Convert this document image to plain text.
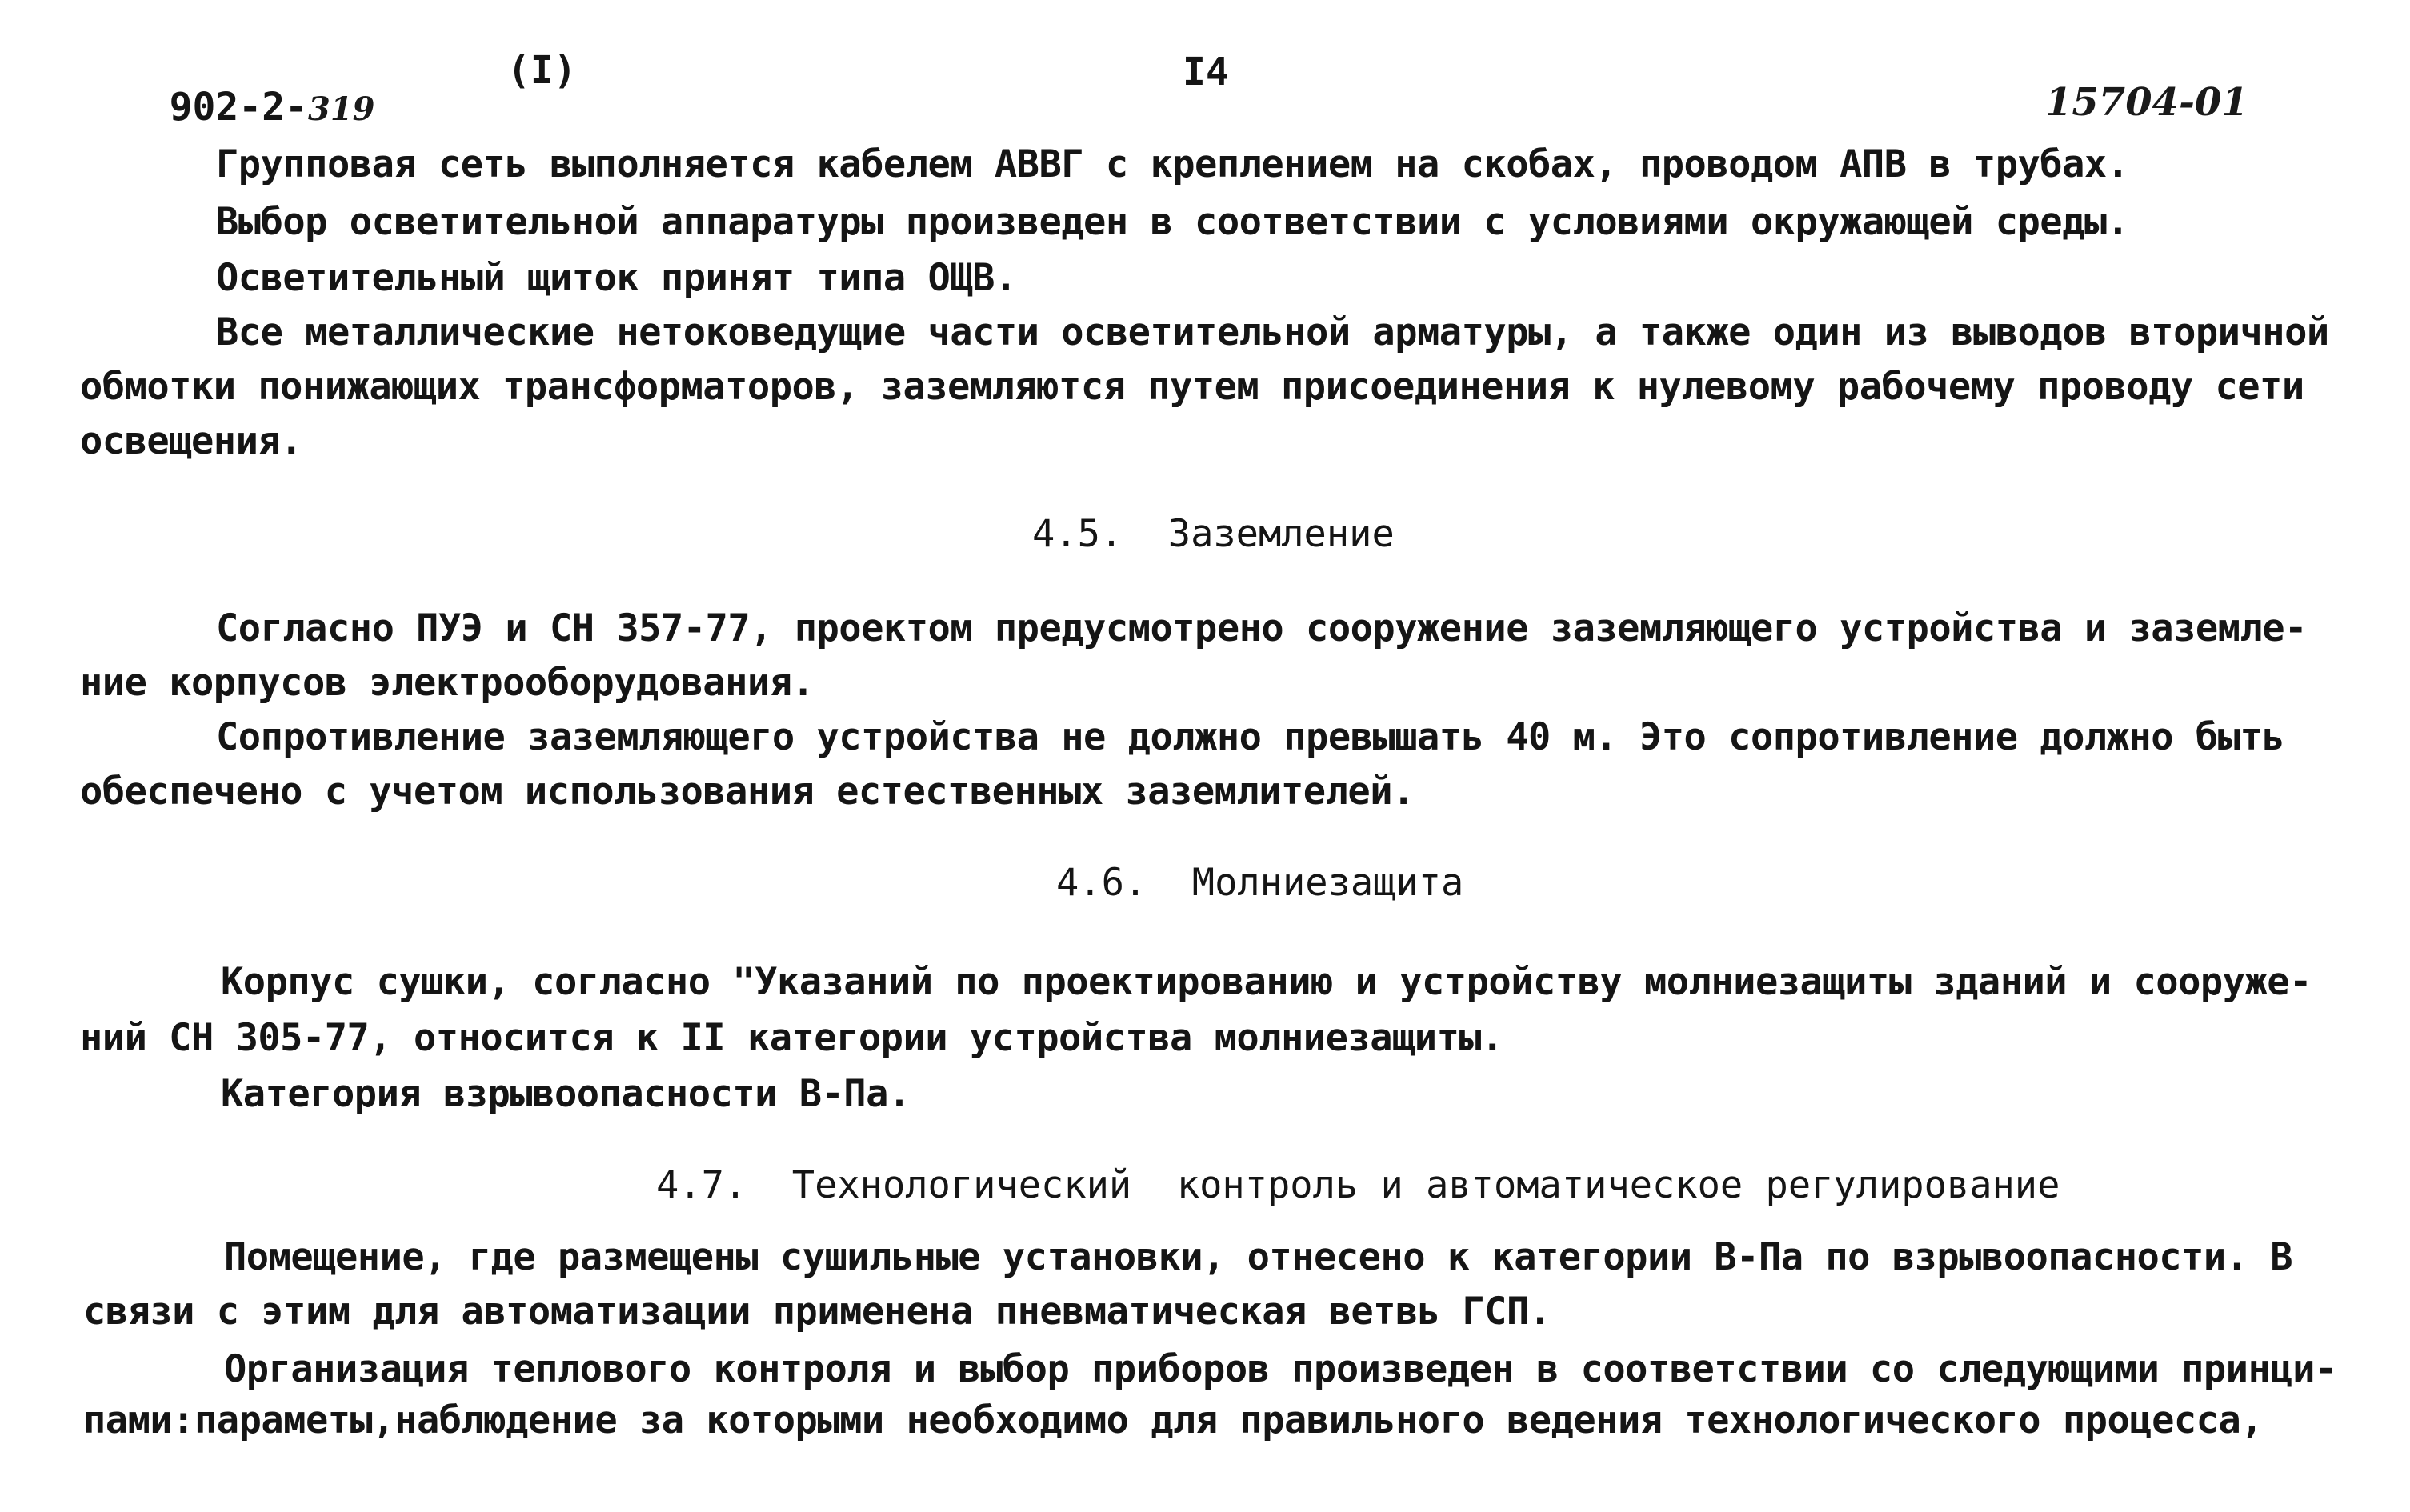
902-2-319

(I)	I4
15704-01
Групповая сеть выполняется кабелем АВВГ с креплением на скобах, проводом АПВ в трубах.
Выбор осветительной аппаратуры произведен в соответствии с условиями окружающей среды.
Осветительный щиток принят типа ОЩВ.
Все металлические нетоковедущие части осветительной арматуры, а также один из выводов вторичной
обмотки понижающих трансформаторов, заземляются путем присоединения к нулевому рабочему проводу сети
освещения.
4.5.  Заземление
Согласно ПУЭ и СН 357-77, проектом предусмотрено сооружение заземляющего устройства и заземле-
ние корпусов электрооборудования.
Сопротивление заземляющего устройства не должно превышать 40 м. Это сопротивление должно быть
обеспечено с учетом использования естественных заземлителей.
4.6.  Молниезащита
Корпус сушки, согласно "Указаний по проектированию и устройству молниезащиты зданий и сооруже-
ний СН 305-77, относится к II категории устройства молниезащиты.
Категория взрывоопасности В-Па.
4.7.  Технологический  контроль и автоматическое регулирование
Помещение, где размещены сушильные установки, отнесено к категории В-Па по взрывоопасности. В
связи с этим для автоматизации применена пневматическая ветвь ГСП.
Организация теплового контроля и выбор приборов произведен в соответствии со следующими принци-
пами:параметы,наблюдение за которыми необходимо для правильного ведения технологического процесса,
